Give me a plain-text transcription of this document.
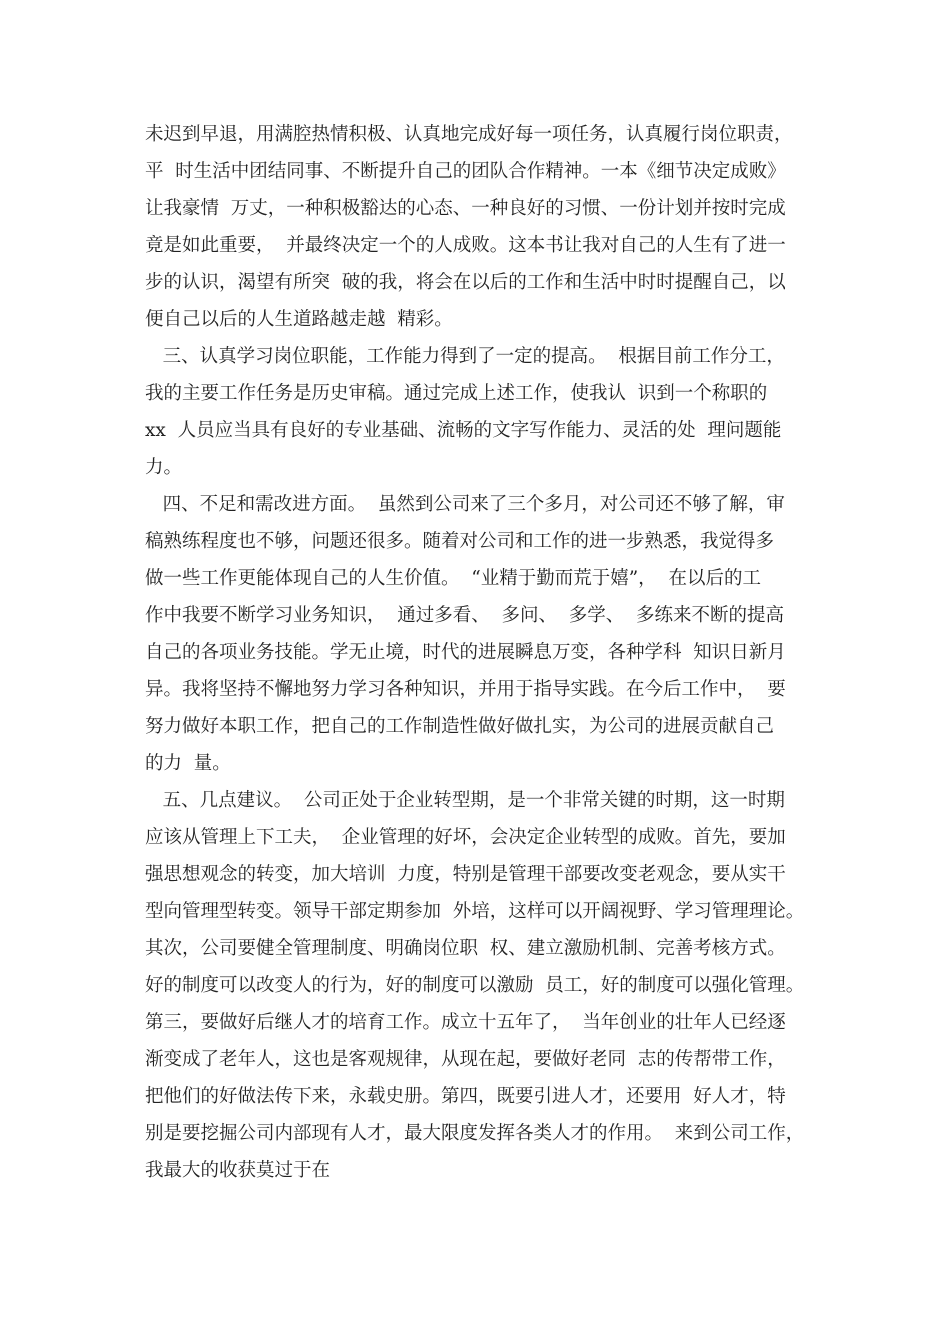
未迟到早退，用满腔热情积极、认真地完成好每一项任务，认真履行岗位职责，
平  时生活中团结同事、不断提升自己的团队合作精神。一本《细节决定成败》
让我豪情  万丈，一种积极豁达的心态、一种良好的习惯、一份计划并按时完成
竟是如此重要，  并最终决定一个的人成败。这本书让我对自己的人生有了进一
步的认识，渴望有所突  破的我，将会在以后的工作和生活中时时提醒自己，以
便自己以后的人生道路越走越  精彩。
三、认真学习岗位职能，工作能力得到了一定的提高。  根据目前工作分工，
我的主要工作任务是历史审稿。通过完成上述工作，使我认  识到一个称职的
xx  人员应当具有良好的专业基础、流畅的文字写作能力、灵活的处  理问题能
力。
四、不足和需改进方面。  虽然到公司来了三个多月，对公司还不够了解，审
稿熟练程度也不够，问题还很多。随着对公司和工作的进一步熟悉，我觉得多
做一些工作更能体现自己的人生价值。  “业精于勤而荒于嬉”，  在以后的工
作中我要不断学习业务知识，  通过多看、  多问、  多学、  多练来不断的提高
自己的各项业务技能。学无止境，时代的进展瞬息万变，各种学科  知识日新月
异。我将坚持不懈地努力学习各种知识，并用于指导实践。在今后工作中，  要
努力做好本职工作，把自己的工作制造性做好做扎实，为公司的进展贡献自己
的力  量。
五、几点建议。  公司正处于企业转型期，是一个非常关键的时期，这一时期
应该从管理上下工夫，  企业管理的好坏，会决定企业转型的成败。首先，要加
强思想观念的转变，加大培训  力度，特别是管理干部要改变老观念，要从实干
型向管理型转变。领导干部定期参加  外培，这样可以开阔视野、学习管理理论。
其次，公司要健全管理制度、明确岗位职  权、建立激励机制、完善考核方式。
好的制度可以改变人的行为，好的制度可以激励  员工，好的制度可以强化管理。
第三，要做好后继人才的培育工作。成立十五年了，  当年创业的壮年人已经逐
渐变成了老年人，这也是客观规律，从现在起，要做好老同  志的传帮带工作，
把他们的好做法传下来，永载史册。第四，既要引进人才，还要用  好人才，特
别是要挖掘公司内部现有人才，最大限度发挥各类人才的作用。  来到公司工作，
我最大的收获莫过于在
